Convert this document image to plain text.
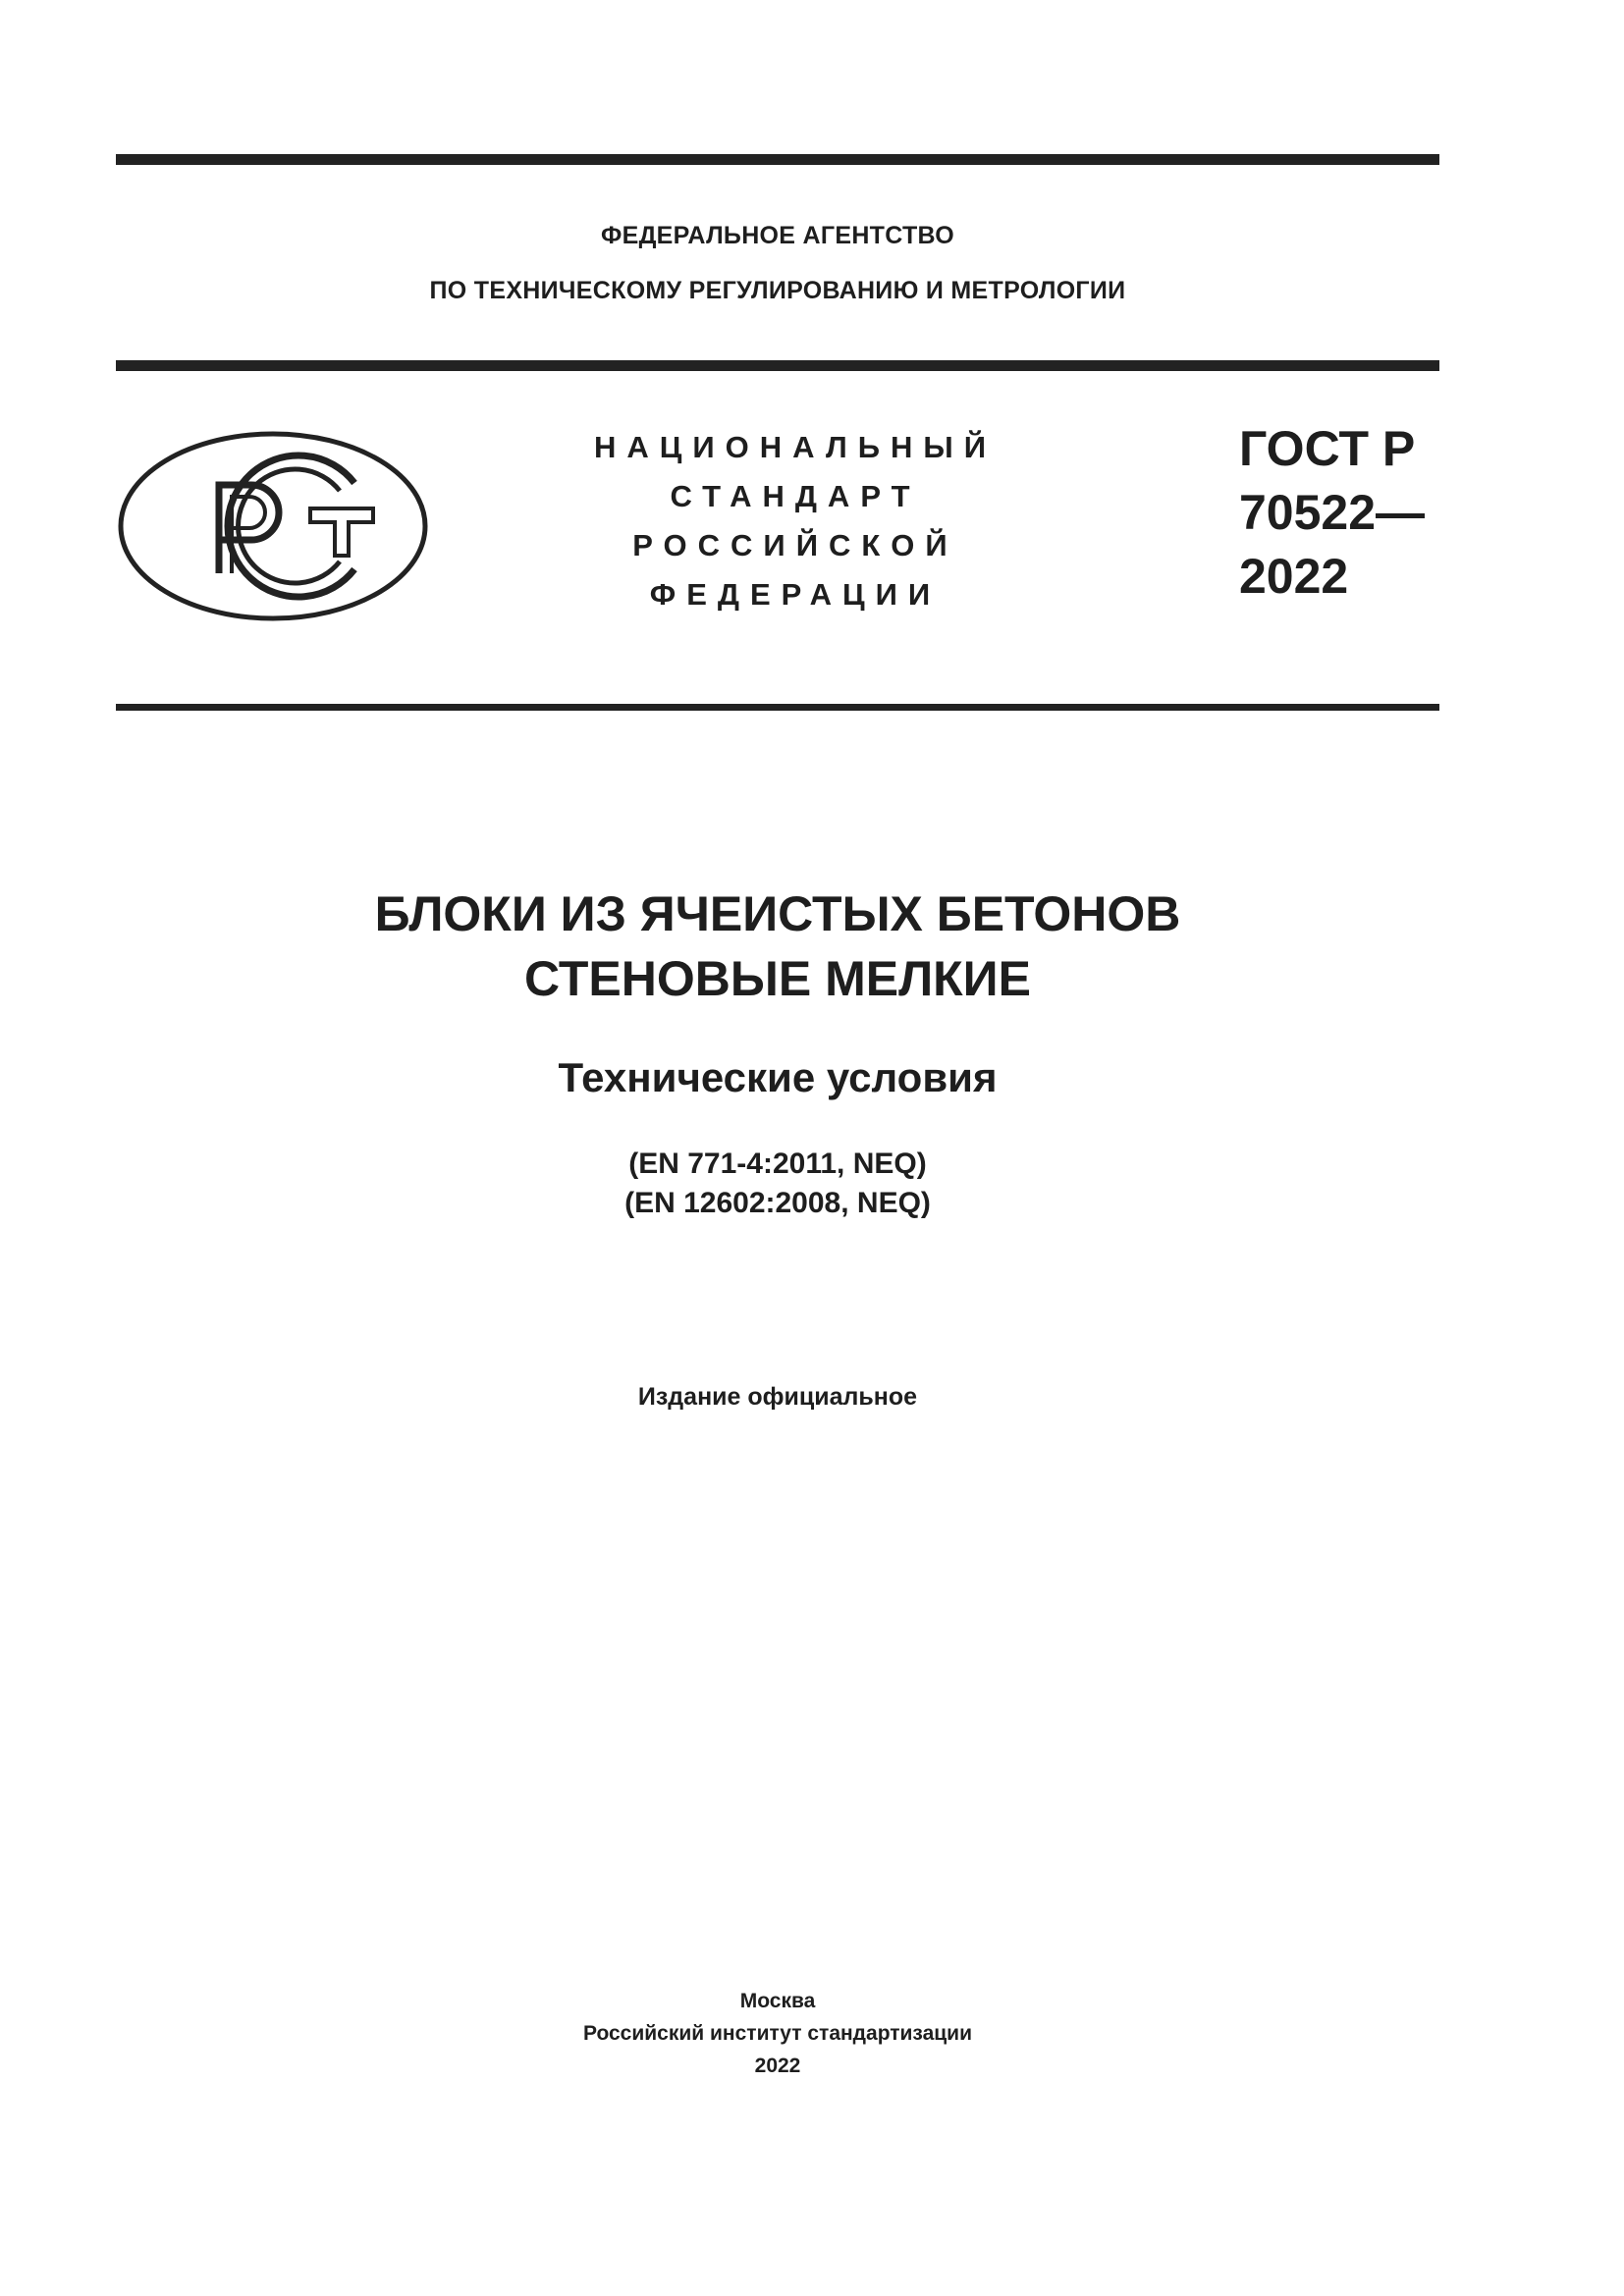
ФЕДЕРАЛЬНОЕ АГЕНТСТВО
ПО ТЕХНИЧЕСКОМУ РЕГУЛИРОВАНИЮ И МЕТРОЛОГИИ
НАЦИОНАЛЬНЫЙ
СТАНДАРТ
РОССИЙСКОЙ
ФЕДЕРАЦИИ
ГОСТ Р
70522—
2022
БЛОКИ ИЗ ЯЧЕИСТЫХ БЕТОНОВ
СТЕНОВЫЕ МЕЛКИЕ
Технические условия
(EN 771-4:2011, NEQ)
(EN 12602:2008, NEQ)
Издание официальное
Москва
Российский институт стандартизации
2022
